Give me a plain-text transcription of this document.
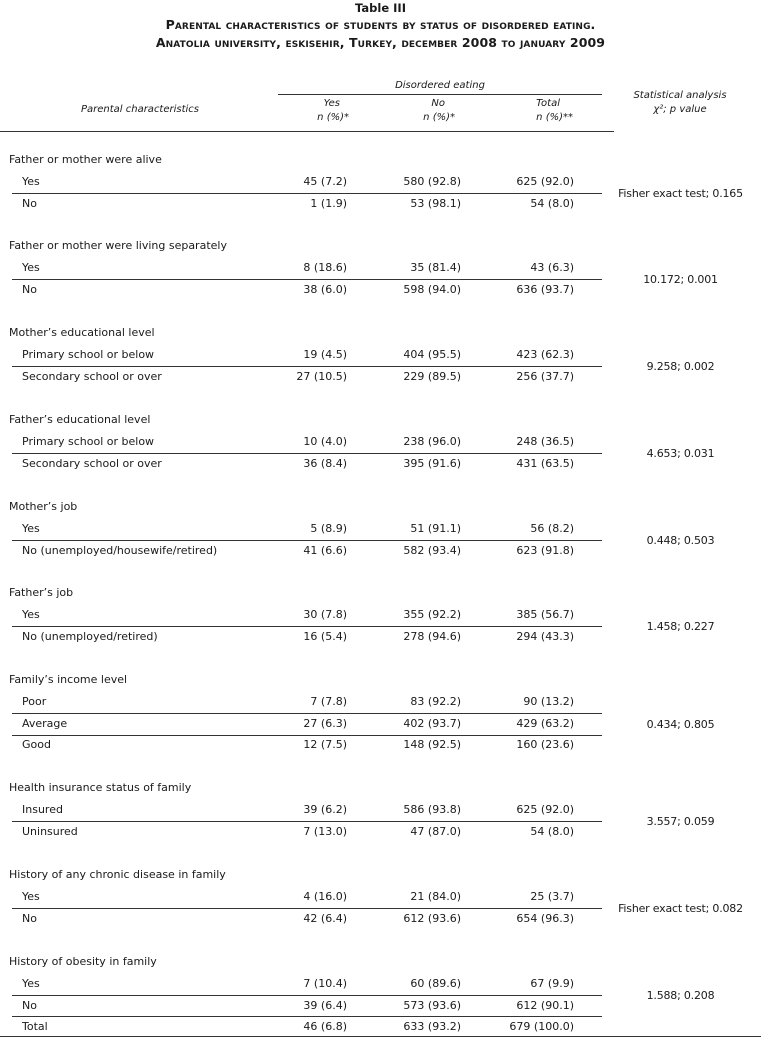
Table III
Parental characteristics of students by status of disordered eating.
Anatolia university, eskisehir, Turkey, december 2008 to january 2009
Parental characteristics
Disordered eating
Yes
n (%)*
No
n (%)*
Total
n (%)**
Statistical analysis
χ²; p value
Father or mother were alive
Yes	45 (7.2)	580 (92.8)	625 (92.0)
No	1 (1.9)	53 (98.1)	54 (8.0)
Fisher exact test; 0.165
Father or mother were living separately
Yes	8 (18.6)	35 (81.4)	43 (6.3)
No	38 (6.0)	598 (94.0)	636 (93.7)
10.172; 0.001
Mother’s educational level
Primary school or below	19 (4.5)	404 (95.5)	423 (62.3)
Secondary school or over	27 (10.5)	229 (89.5)	256 (37.7)
9.258; 0.002
Father’s educational level
Primary school or below	10 (4.0)	238 (96.0)	248 (36.5)
Secondary school or over	36 (8.4)	395 (91.6)	431 (63.5)
4.653; 0.031
Mother’s job
Yes	5 (8.9)	51 (91.1)	56 (8.2)
No (unemployed/housewife/retired)	41 (6.6)	582 (93.4)	623 (91.8)
0.448; 0.503
Father’s job
Yes	30 (7.8)	355 (92.2)	385 (56.7)
No (unemployed/retired)	16 (5.4)	278 (94.6)	294 (43.3)
1.458; 0.227
Family’s income level
Poor	7 (7.8)	83 (92.2)	90 (13.2)
Average	27 (6.3)	402 (93.7)	429 (63.2)
Good	12 (7.5)	148 (92.5)	160 (23.6)
0.434; 0.805
Health insurance status of family
Insured	39 (6.2)	586 (93.8)	625 (92.0)
Uninsured	7 (13.0)	47 (87.0)	54 (8.0)
3.557; 0.059
History of any chronic disease in family
Yes	4 (16.0)	21 (84.0)	25 (3.7)
No	42 (6.4)	612 (93.6)	654 (96.3)
Fisher exact test; 0.082
History of obesity in family
Yes	7 (10.4)	60 (89.6)	67 (9.9)
No	39 (6.4)	573 (93.6)	612 (90.1)
1.588; 0.208
Total	46 (6.8)	633 (93.2)	679 (100.0)
